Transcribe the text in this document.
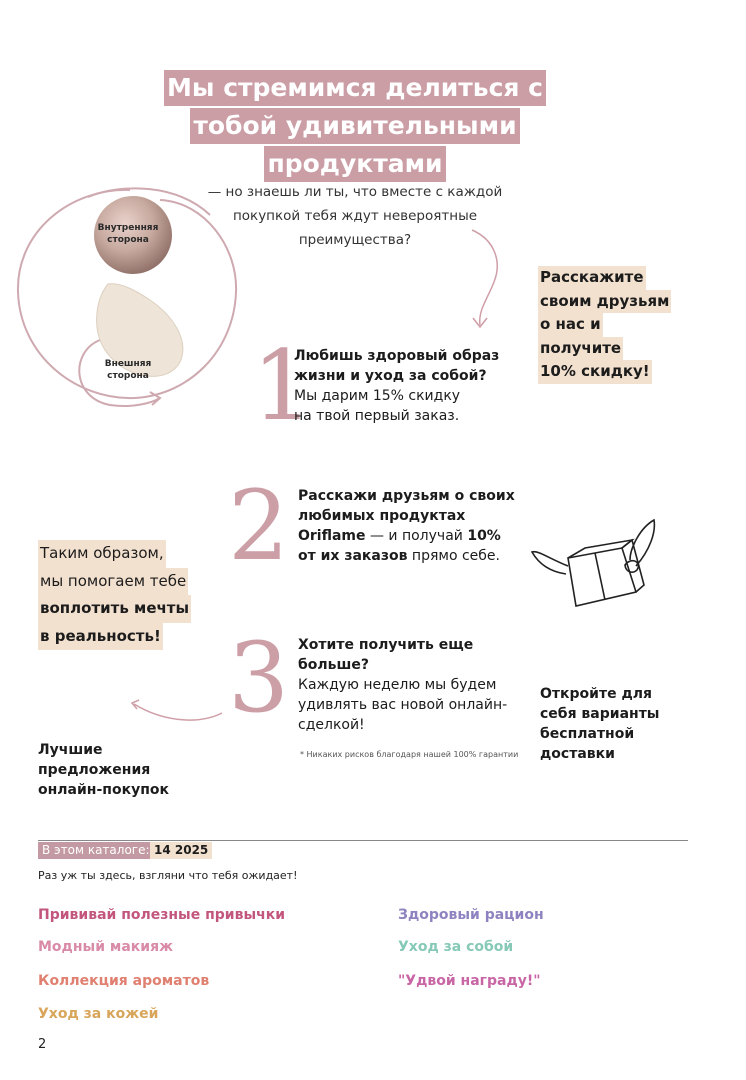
Мы стремимся делиться с
тобой удивительными
продуктами
— но знаешь ли ты, что вместе с каждой
покупкой тебя ждут невероятные
преимущества?
Внутренняя
сторона
Внешняя
сторона 1
2
3
Любишь здоровый образ
жизни и уход за собой?
Мы дарим 15% скидку
на твой первый заказ.
Расскажи друзьям о своих
любимых продуктах
Oriflame — и получай 10%
от их заказов прямо себе.
Хотите получить еще больше?
Каждую неделю мы будем
удивлять вас новой онлайн-
сделкой!
Расскажите
своим друзьям
о нас и
получите
10% скидку!
Таким образом,
мы помогаем тебе
воплотить мечты
в реальность!
Лучшие
предложения
онлайн-покупок
Откройте для
себя варианты
бесплатной
доставки
* Никаких рисков благодаря нашей 100% гарантии
В этом каталоге: 14 2025
Раз уж ты здесь, взгляни что тебя ожидает!
Прививай полезные привычки
Модный макияж
Коллекция ароматов
Уход за кожей
Здоровый рацион
Уход за собой
"Удвой награду!"
2
